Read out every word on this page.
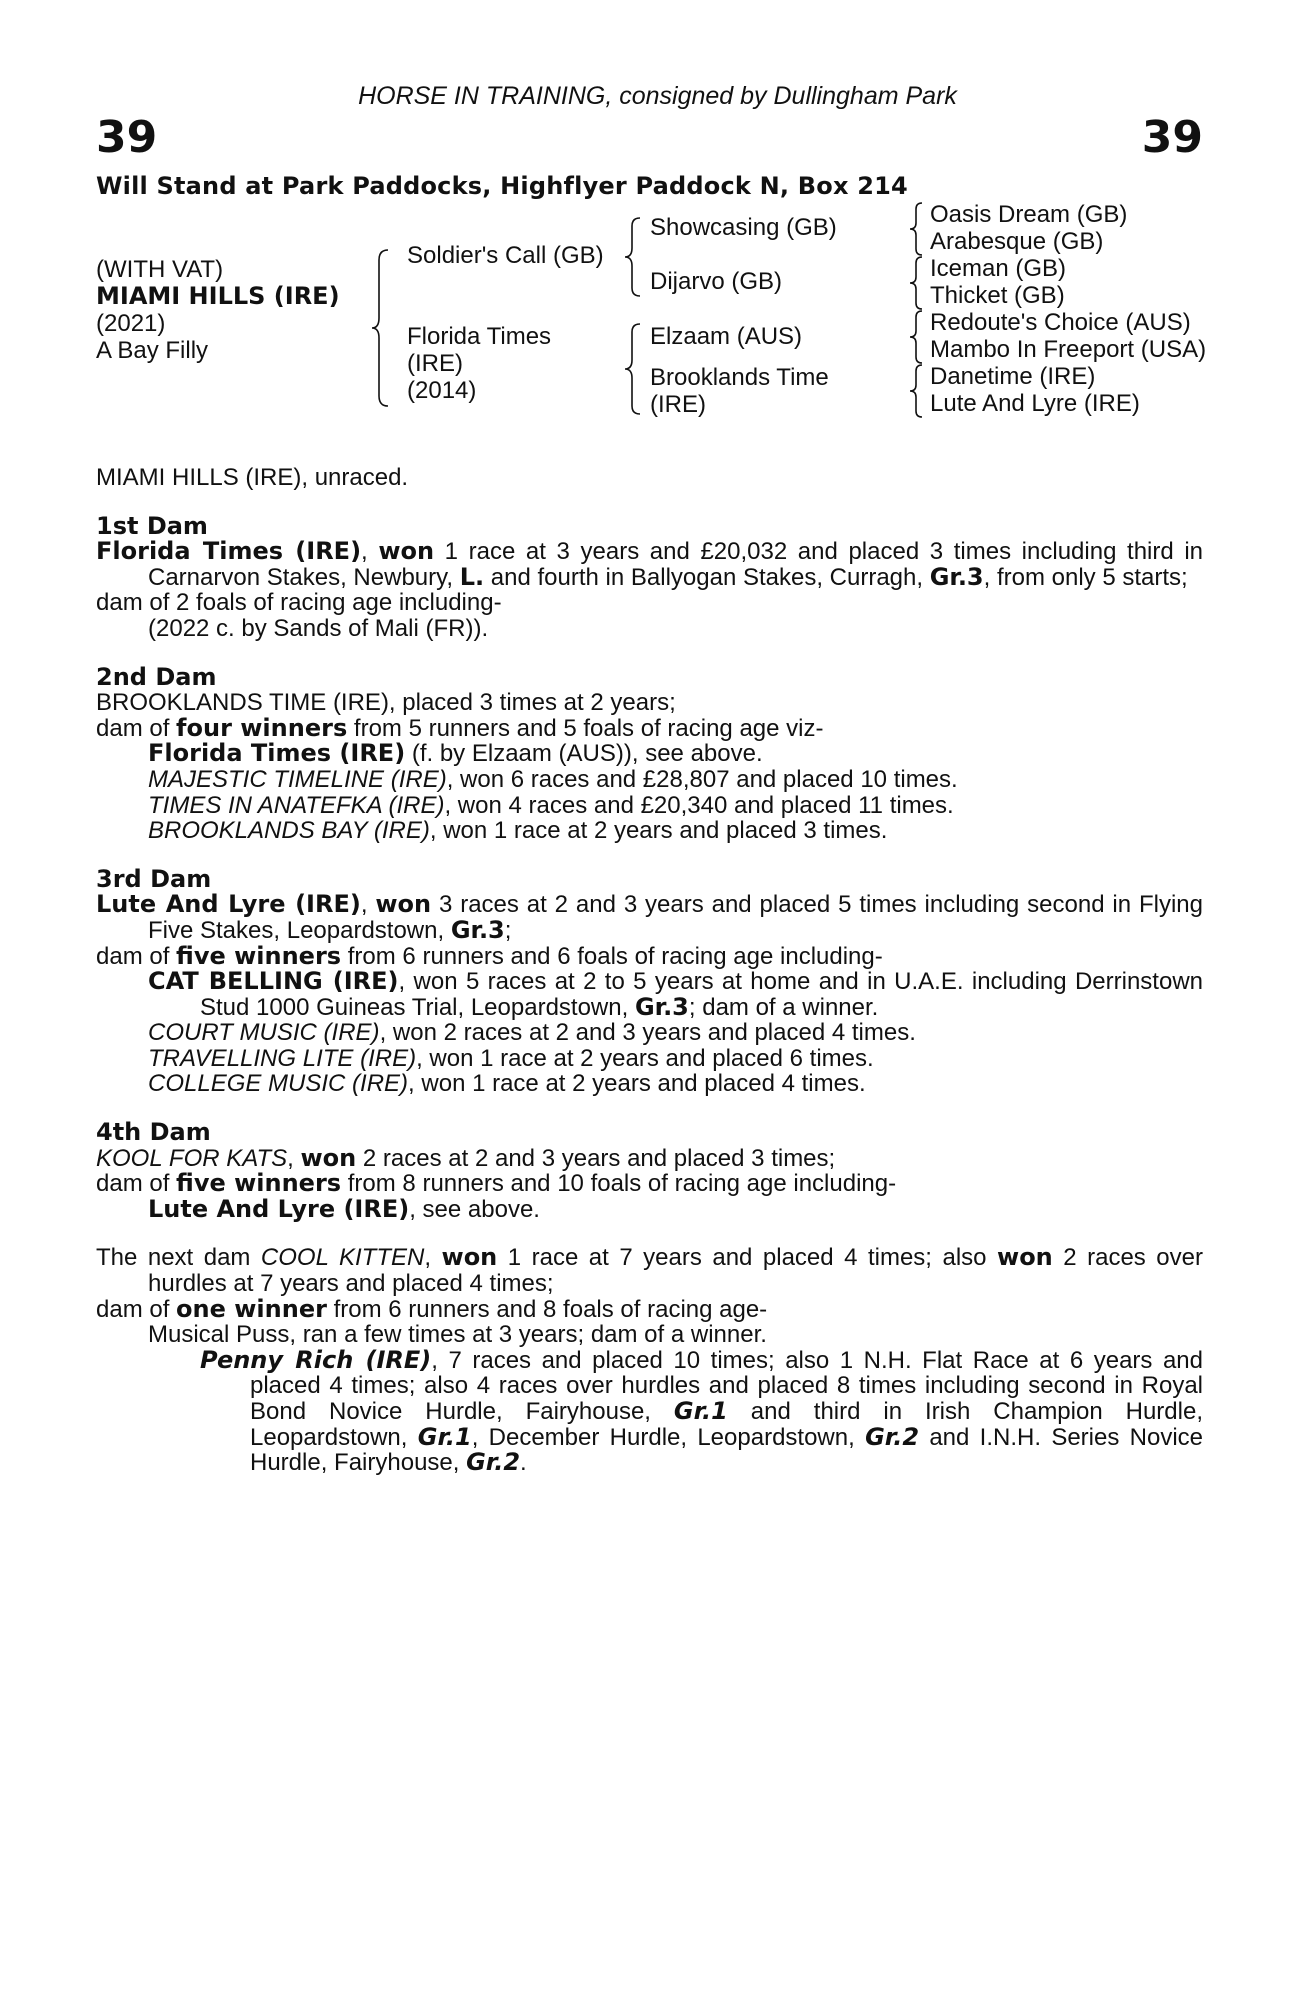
HORSE IN TRAINING, consigned by Dullingham Park
39	39
Will Stand at Park Paddocks, Highflyer Paddock N, Box 214
(WITH VAT)
MIAMI HILLS (IRE)
(2021)
A Bay Filly
Soldier's Call (GB)
Florida Times
(IRE)
(2014)
Showcasing (GB)
Dijarvo (GB)
Elzaam (AUS)
Brooklands Time
(IRE)
Oasis Dream (GB)
Arabesque (GB)
Iceman (GB)
Thicket (GB)
Redoute's Choice (AUS)
Mambo In Freeport (USA)
Danetime (IRE)
Lute And Lyre (IRE)

MIAMI HILLS (IRE), unraced.

1st Dam

Florida Times (IRE), won 1 race at 3 years and £20,032 and placed 3 times including third in Carnarvon Stakes, Newbury, L. and fourth in Ballyogan Stakes, Curragh, Gr.3, from only 5 starts;

dam of 2 foals of racing age including-

(2022 c. by Sands of Mali (FR)).

2nd Dam

BROOKLANDS TIME (IRE), placed 3 times at 2 years;

dam of four winners from 5 runners and 5 foals of racing age viz-

Florida Times (IRE) (f. by Elzaam (AUS)), see above.

MAJESTIC TIMELINE (IRE), won 6 races and £28,807 and placed 10 times.

TIMES IN ANATEFKA (IRE), won 4 races and £20,340 and placed 11 times.

BROOKLANDS BAY (IRE), won 1 race at 2 years and placed 3 times.

3rd Dam

Lute And Lyre (IRE), won 3 races at 2 and 3 years and placed 5 times including second in Flying Five Stakes, Leopardstown, Gr.3;

dam of five winners from 6 runners and 6 foals of racing age including-

CAT BELLING (IRE), won 5 races at 2 to 5 years at home and in U.A.E. including Derrinstown Stud 1000 Guineas Trial, Leopardstown, Gr.3; dam of a winner.

COURT MUSIC (IRE), won 2 races at 2 and 3 years and placed 4 times.

TRAVELLING LITE (IRE), won 1 race at 2 years and placed 6 times.

COLLEGE MUSIC (IRE), won 1 race at 2 years and placed 4 times.

4th Dam

KOOL FOR KATS, won 2 races at 2 and 3 years and placed 3 times;

dam of five winners from 8 runners and 10 foals of racing age including-

Lute And Lyre (IRE), see above.

The next dam COOL KITTEN, won 1 race at 7 years and placed 4 times; also won 2 races over hurdles at 7 years and placed 4 times;

dam of one winner from 6 runners and 8 foals of racing age-

Musical Puss, ran a few times at 3 years; dam of a winner.

Penny Rich (IRE), 7 races and placed 10 times; also 1 N.H. Flat Race at 6 years and placed 4 times; also 4 races over hurdles and placed 8 times including second in Royal Bond Novice Hurdle, Fairyhouse, Gr.1 and third in Irish Champion Hurdle, Leopardstown, Gr.1, December Hurdle, Leopardstown, Gr.2 and I.N.H. Series Novice Hurdle, Fairyhouse, Gr.2.
